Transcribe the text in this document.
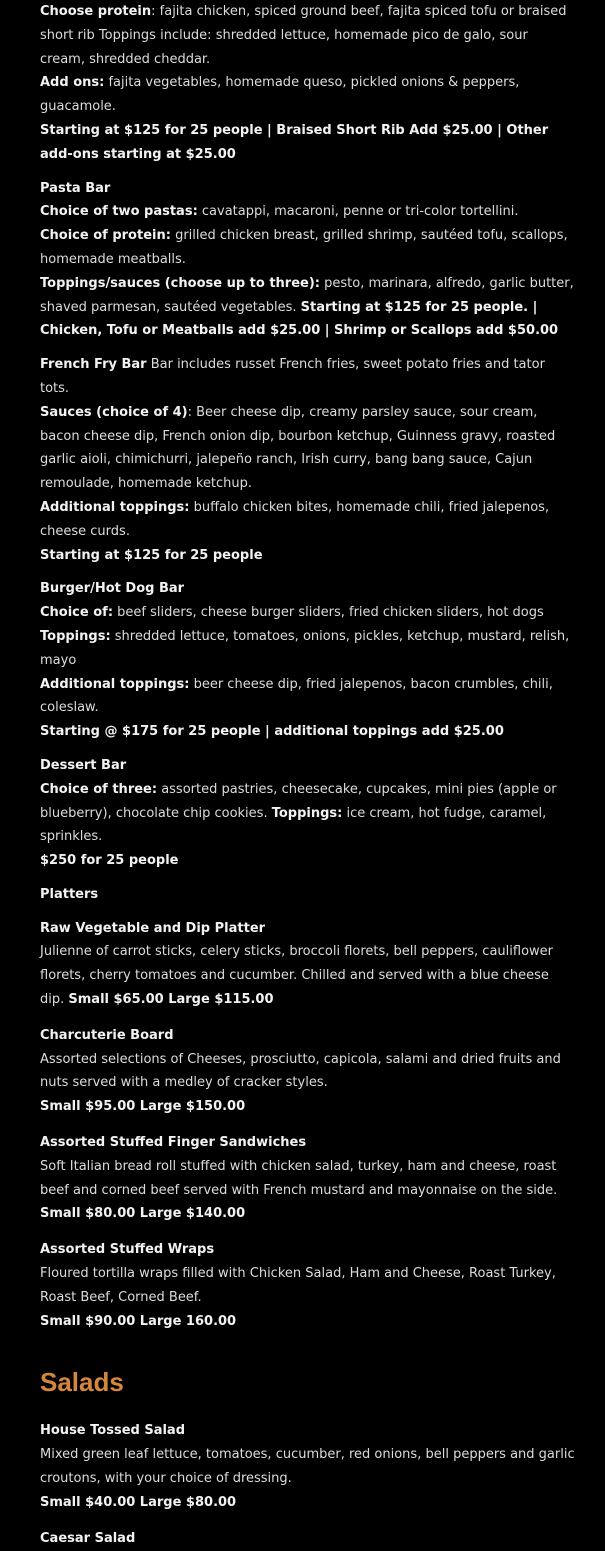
Choose protein: fajita chicken, spiced ground beef, fajita spiced tofu or braised short rib Toppings include: shredded lettuce, homemade pico de galo, sour cream, shredded cheddar.

Add ons: fajita vegetables, homemade queso, pickled onions & peppers, guacamole.

Starting at $125 for 25 people | Braised Short Rib Add $25.00 | Other add-ons starting at $25.00

Pasta Bar

Choice of two pastas: cavatappi, macaroni, penne or tri-color tortellini.

Choice of protein: grilled chicken breast, grilled shrimp, sautéed tofu, scallops, homemade meatballs.

Toppings/sauces (choose up to three): pesto, marinara, alfredo, garlic butter, shaved parmesan, sautéed vegetables. Starting at $125 for 25 people. | Chicken, Tofu or Meatballs add $25.00 | Shrimp or Scallops add $50.00

French Fry Bar Bar includes russet French fries, sweet potato fries and tator tots.

Sauces (choice of 4): Beer cheese dip, creamy parsley sauce, sour cream, bacon cheese dip, French onion dip, bourbon ketchup, Guinness gravy, roasted garlic aioli, chimichurri, jalepeño ranch, Irish curry, bang bang sauce, Cajun remoulade, homemade ketchup.

Additional toppings: buffalo chicken bites, homemade chili, fried jalepenos, cheese curds.

Starting at $125 for 25 people

Burger/Hot Dog Bar

Choice of: beef sliders, cheese burger sliders, fried chicken sliders, hot dogs

Toppings: shredded lettuce, tomatoes, onions, pickles, ketchup, mustard, relish, mayo

Additional toppings: beer cheese dip, fried jalepenos, bacon crumbles, chili, coleslaw.

Starting @ $175 for 25 people | additional toppings add $25.00

Dessert Bar

Choice of three: assorted pastries, cheesecake, cupcakes, mini pies (apple or blueberry), chocolate chip cookies. Toppings: ice cream, hot fudge, caramel, sprinkles.

$250 for 25 people

Platters

Raw Vegetable and Dip Platter

Julienne of carrot sticks, celery sticks, broccoli florets, bell peppers, cauliflower florets, cherry tomatoes and cucumber. Chilled and served with a blue cheese dip. Small $65.00 Large $115.00

Charcuterie Board

Assorted selections of Cheeses, prosciutto, capicola, salami and dried fruits and nuts served with a medley of cracker styles.

Small $95.00 Large $150.00

Assorted Stuffed Finger Sandwiches

Soft Italian bread roll stuffed with chicken salad, turkey, ham and cheese, roast beef and corned beef served with French mustard and mayonnaise on the side.

Small $80.00 Large $140.00

Assorted Stuffed Wraps

Floured tortilla wraps filled with Chicken Salad, Ham and Cheese, Roast Turkey, Roast Beef, Corned Beef.

Small $90.00 Large 160.00

Salads

House Tossed Salad

Mixed green leaf lettuce, tomatoes, cucumber, red onions, bell peppers and garlic croutons, with your choice of dressing.

Small $40.00 Large $80.00

Caesar Salad
